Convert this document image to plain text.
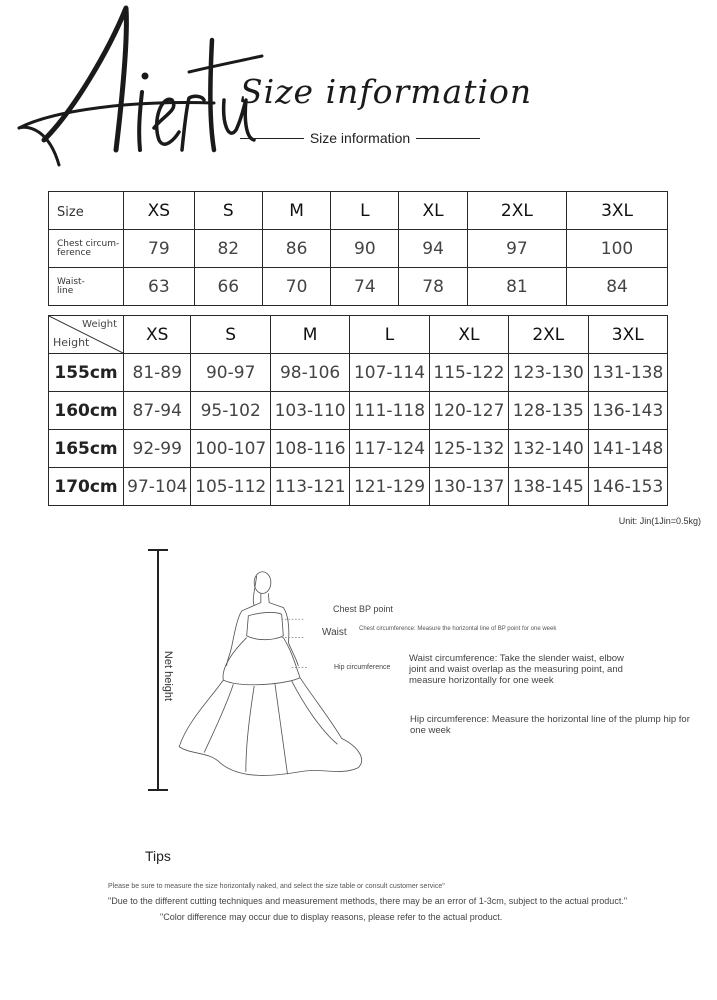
Size information
Size information
Size	XS	S	M	L	XL	2XL	3XL

Chest circum-
ference	79	82	86	90	94	97	100

Waist-
line	63	66	70	74	78	81	84
Weight
Height	XS	S	M	L	XL	2XL	3XL
155cm	81-89	90-97	98-106	107-114	115-122	123-130	131-138
160cm	87-94	95-102	103-110	111-118	120-127	128-135	136-143
165cm	92-99	100-107	108-116	117-124	125-132	132-140	141-148
170cm	97-104	105-112	113-121	121-129	130-137	138-145	146-153
Unit: Jin(1Jin=0.5kg)
Net height
Chest BP point
Waist Chest circumference: Measure the horizontal line of BP point for one week
Hip circumference
Waist circumference: Take the slender waist, elbow joint and waist overlap as the measuring point, and measure horizontally for one week
Hip circumference: Measure the horizontal line of the plump hip for one week
Tips
Please be sure to measure the size horizontally naked, and select the size table or consult customer service"
"Due to the different cutting techniques and measurement methods, there may be an error of 1-3cm, subject to the actual product."
"Color difference may occur due to display reasons, please refer to the actual product.
